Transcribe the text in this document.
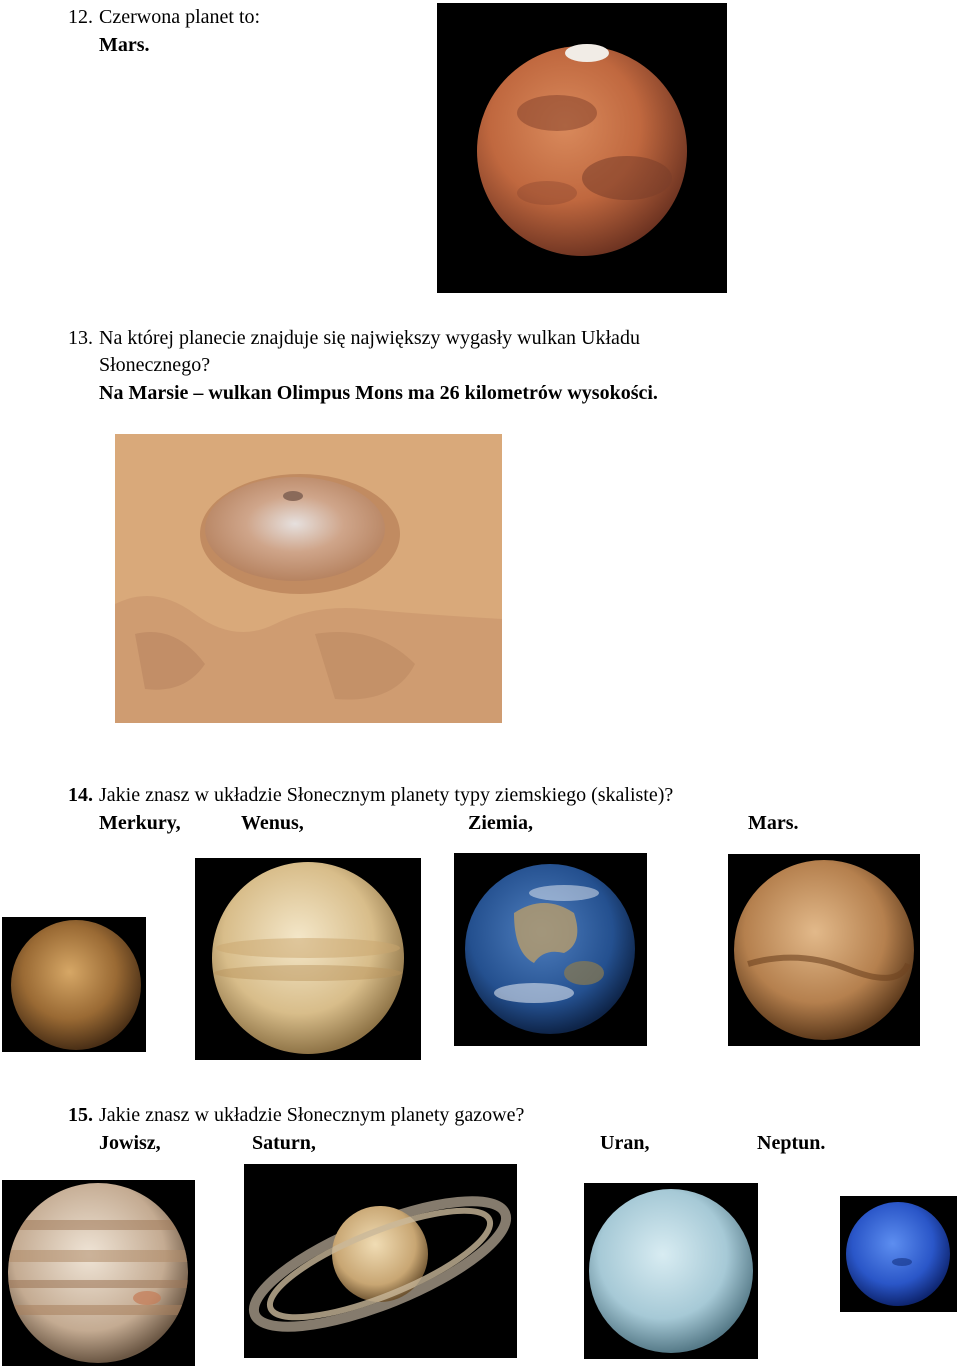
12. Czerwona planet to:
Mars.
13. Na której planecie znajduje się największy wygasły wulkan Układu
Słonecznego?
Na Marsie – wulkan Olimpus Mons ma 26 kilometrów wysokości.
14. Jakie znasz w układzie Słonecznym planety typy ziemskiego (skaliste)?
Merkury,	Wenus,	Ziemia,	Mars.
15. Jakie znasz w układzie Słonecznym planety gazowe?
Jowisz,	Saturn,	Uran,	Neptun.
